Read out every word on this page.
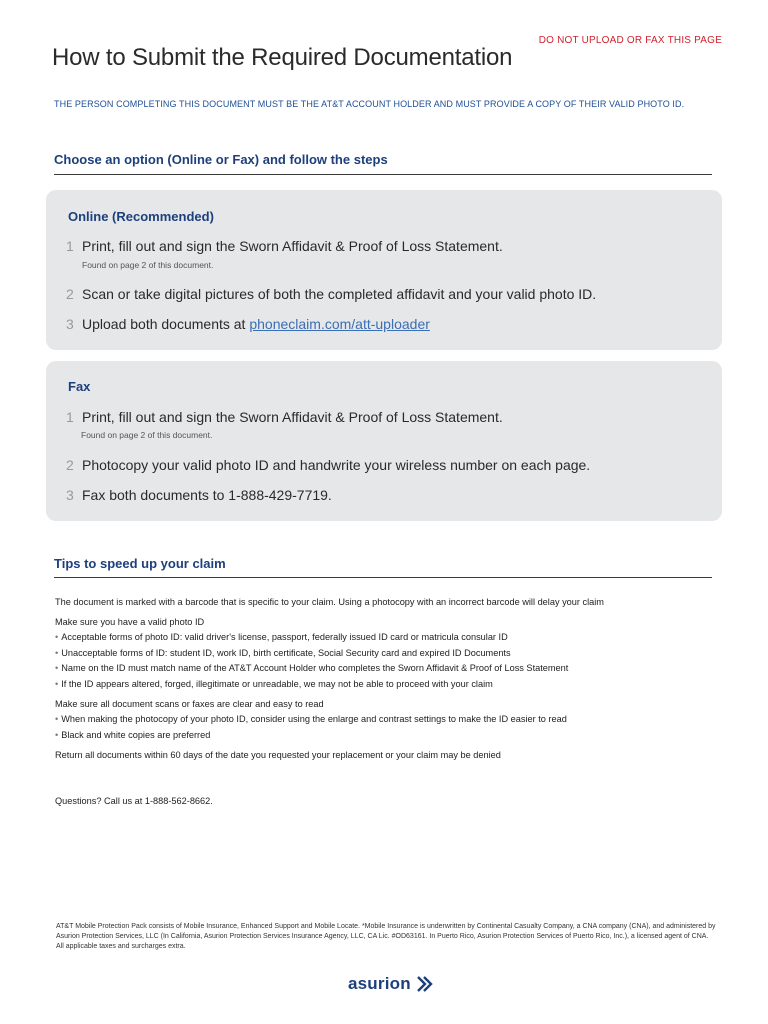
DO NOT UPLOAD OR FAX THIS PAGE
How to Submit the Required Documentation
THE PERSON COMPLETING THIS DOCUMENT MUST BE THE AT&T ACCOUNT HOLDER AND MUST PROVIDE A COPY OF THEIR VALID PHOTO ID.
Choose an option (Online or Fax) and follow the steps
Online (Recommended)
1 Print, fill out and sign the Sworn Affidavit & Proof of Loss Statement.
Found on page 2 of this document.
2 Scan or take digital pictures of both the completed affidavit and your valid photo ID.
3 Upload both documents at phoneclaim.com/att-uploader
Fax
1 Print, fill out and sign the Sworn Affidavit & Proof of Loss Statement.
Found on page 2 of this document.
2 Photocopy your valid photo ID and handwrite your wireless number on each page.
3 Fax both documents to 1-888-429-7719.
Tips to speed up your claim

The document is marked with a barcode that is specific to your claim. Using a photocopy with an incorrect barcode will delay your claim

Make sure you have a valid photo ID

• Acceptable forms of photo ID: valid driver's license, passport, federally issued ID card or matricula consular ID

• Unacceptable forms of ID: student ID, work ID, birth certificate, Social Security card and expired ID Documents

• Name on the ID must match name of the AT&T Account Holder who completes the Sworn Affidavit & Proof of Loss Statement

• If the ID appears altered, forged, illegitimate or unreadable, we may not be able to proceed with your claim

Make sure all document scans or faxes are clear and easy to read

• When making the photocopy of your photo ID, consider using the enlarge and contrast settings to make the ID easier to read

• Black and white copies are preferred

Return all documents within 60 days of the date you requested your replacement or your claim may be denied

Questions? Call us at 1-888-562-8662.
AT&T Mobile Protection Pack consists of Mobile Insurance, Enhanced Support and Mobile Locate. *Mobile Insurance is underwritten by Continental Casualty Company, a CNA company (CNA), and administered by Asurion Protection Services, LLC (In California, Asurion Protection Services Insurance Agency, LLC, CA Lic. #OD63161. In Puerto Rico, Asurion Protection Services of Puerto Rico, Inc.), a licensed agent of CNA. All applicable taxes and surcharges extra.
asurion
